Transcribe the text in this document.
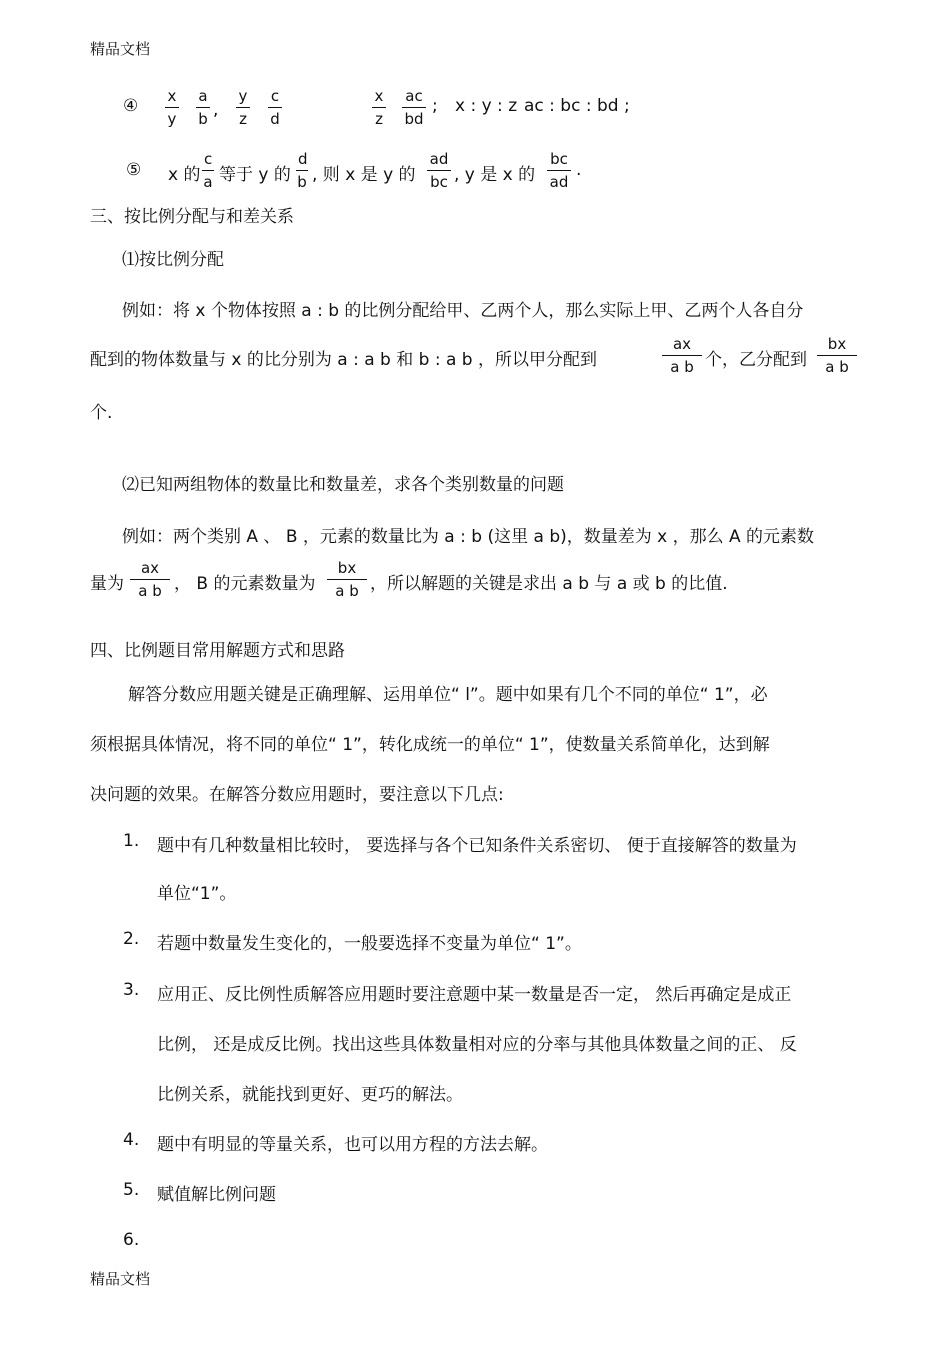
精品文档
④ $\frac{x}{y} \frac{a}{b}$ , $\frac{y}{z} \frac{c}{d}$	$\frac{x}{z} \frac{ac}{bd}$ ; x : y : z ac : bc : bd ;
⑤ x 的 $\frac{c}{a}$ 等于 y 的 $\frac{d}{b}$ , 则 x 是 y 的 $\frac{ad}{bc}$ , y 是 x 的 $\frac{bc}{ad}$ .
三、按比例分配与和差关系
⑴按比例分配
例如：将 x 个物体按照 a : b 的比例分配给甲、乙两个人，那么实际上甲、乙两个人各自分
配到的物体数量与 x 的比分别为 a : a b 和 b : a b ，所以甲分配到	$\frac{ax}{\text{a b}}$ 个，乙分配到 $\frac{bx}{\text{a b}}$
个.
⑵已知两组物体的数量比和数量差，求各个类别数量的问题
例如：两个类别 A 、 B ，元素的数量比为 a : b (这里 a b)，数量差为 x ，那么 A 的元素数
量为 $\frac{ax}{\text{a b}}$ ， B 的元素数量为 $\frac{bx}{\text{a b}}$ ，所以解题的关键是求出 a b 与 a 或 b 的比值.
四、比例题目常用解题方式和思路
解答分数应用题关键是正确理解、运用单位“ l”。题中如果有几个不同的单位“ 1”，必
须根据具体情况，将不同的单位“ 1”，转化成统一的单位“ 1”，使数量关系简单化，达到解
决问题的效果。在解答分数应用题时，要注意以下几点:
1. 题中有几种数量相比较时， 要选择与各个已知条件关系密切、 便于直接解答的数量为
单位“1”。
2. 若题中数量发生变化的，一般要选择不变量为单位“ 1”。
3. 应用正、反比例性质解答应用题时要注意题中某一数量是否一定， 然后再确定是成正
比例， 还是成反比例。找出这些具体数量相对应的分率与其他具体数量之间的正、 反
比例关系，就能找到更好、更巧的解法。
4. 题中有明显的等量关系，也可以用方程的方法去解。
5. 赋值解比例问题
6.
精品文档
